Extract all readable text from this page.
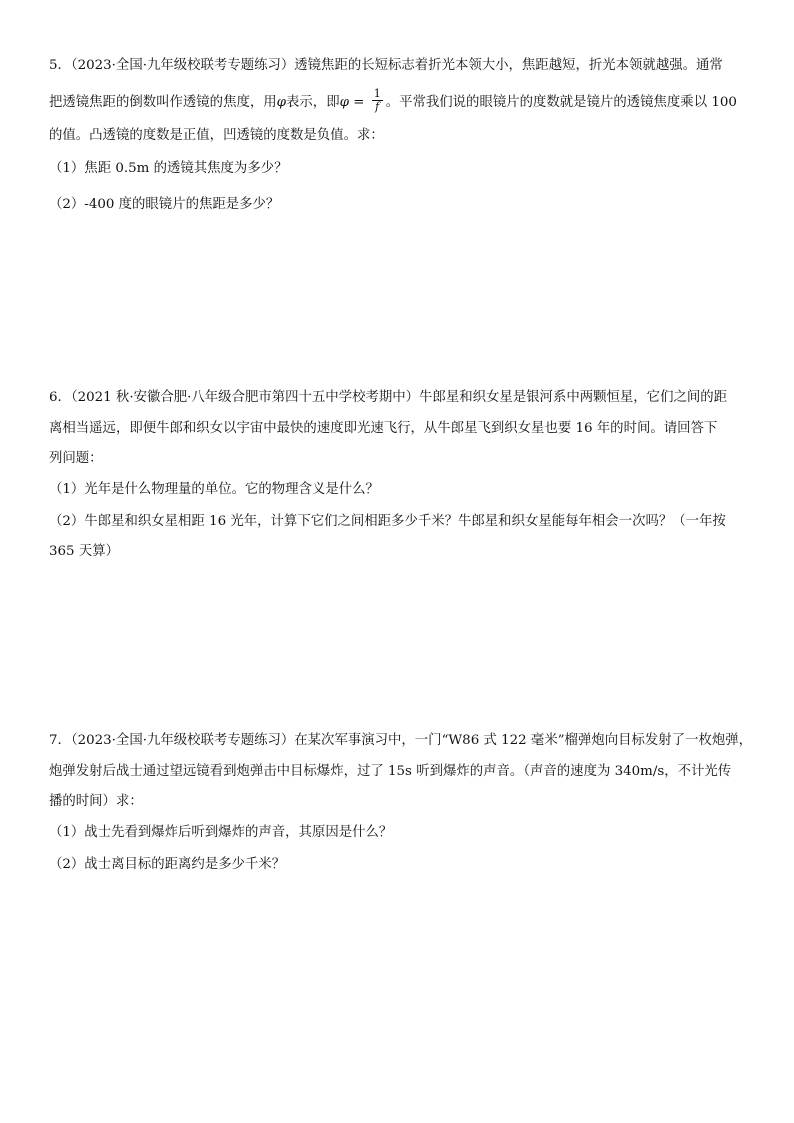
5．（2023·全国·九年级校联考专题练习）透镜焦距的长短标志着折光本领大小，焦距越短，折光本领就越强。通常
把透镜焦距的倒数叫作透镜的焦度，用φ表示，即$\varphi = \frac{1}{f}$ 。平常我们说的眼镜片的度数就是镜片的透镜焦度乘以 100
的值。凸透镜的度数是正值，凹透镜的度数是负值。求：
（1）焦距 0.5m 的透镜其焦度为多少？
（2）-400 度的眼镜片的焦距是多少？
6．（2021 秋·安徽合肥·八年级合肥市第四十五中学校考期中）牛郎星和织女星是银河系中两颗恒星，它们之间的距
离相当遥远，即便牛郎和织女以宇宙中最快的速度即光速飞行，从牛郎星飞到织女星也要 16 年的时间。请回答下
列问题：
（1）光年是什么物理量的单位。它的物理含义是什么？
（2）牛郎星和织女星相距 16 光年，计算下它们之间相距多少千米？牛郎星和织女星能每年相会一次吗？（一年按
365 天算）
7．（2023·全国·九年级校联考专题练习）在某次军事演习中，一门“W86 式 122 毫米”榴弹炮向目标发射了一枚炮弹，
炮弹发射后战士通过望远镜看到炮弹击中目标爆炸，过了 15s 听到爆炸的声音。（声音的速度为 340m/s，不计光传
播的时间）求：
（1）战士先看到爆炸后听到爆炸的声音，其原因是什么？
（2）战士离目标的距离约是多少千米？
